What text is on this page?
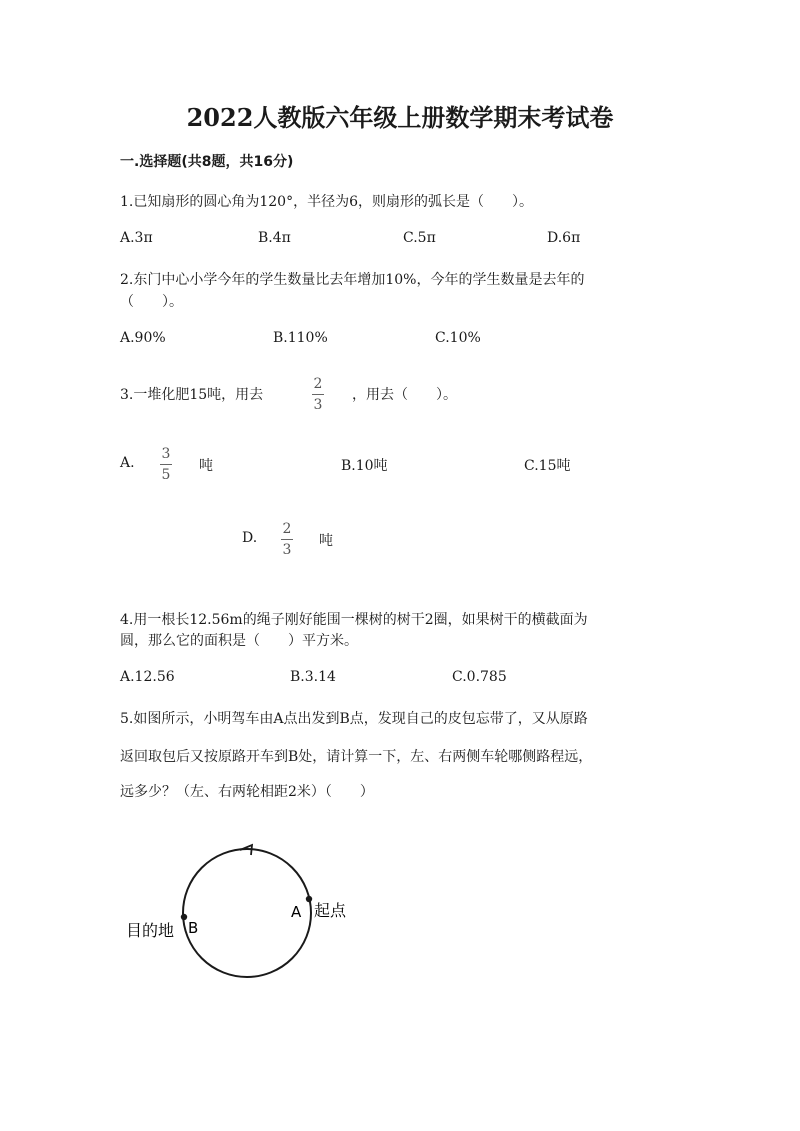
2022人教版六年级上册数学期末考试卷
一.选择题(共8题，共16分)
1.已知扇形的圆心角为120°，半径为6，则扇形的弧长是（　　）。
A.3π	B.4π	C.5π	D.6π
2.东门中心小学今年的学生数量比去年增加10%，今年的学生数量是去年的
（　　）。
A.90%	B.110%	C.10%
3.一堆化肥15吨，用去
2
3
，用去（　　）。
A.
3
5
吨	B.10吨	C.15吨
D.
2
3
吨
4.用一根长12.56m的绳子刚好能围一棵树的树干2圈，如果树干的横截面为
圆，那么它的面积是（　　）平方米。
A.12.56	B.3.14	C.0.785
5.如图所示，小明驾车由A点出发到B点，发现自己的皮包忘带了，又从原路
返回取包后又按原路开车到B处，请计算一下，左、右两侧车轮哪侧路程远，
远多少？（左、右两轮相距2米）（　　）
A 起点
B
目的地
